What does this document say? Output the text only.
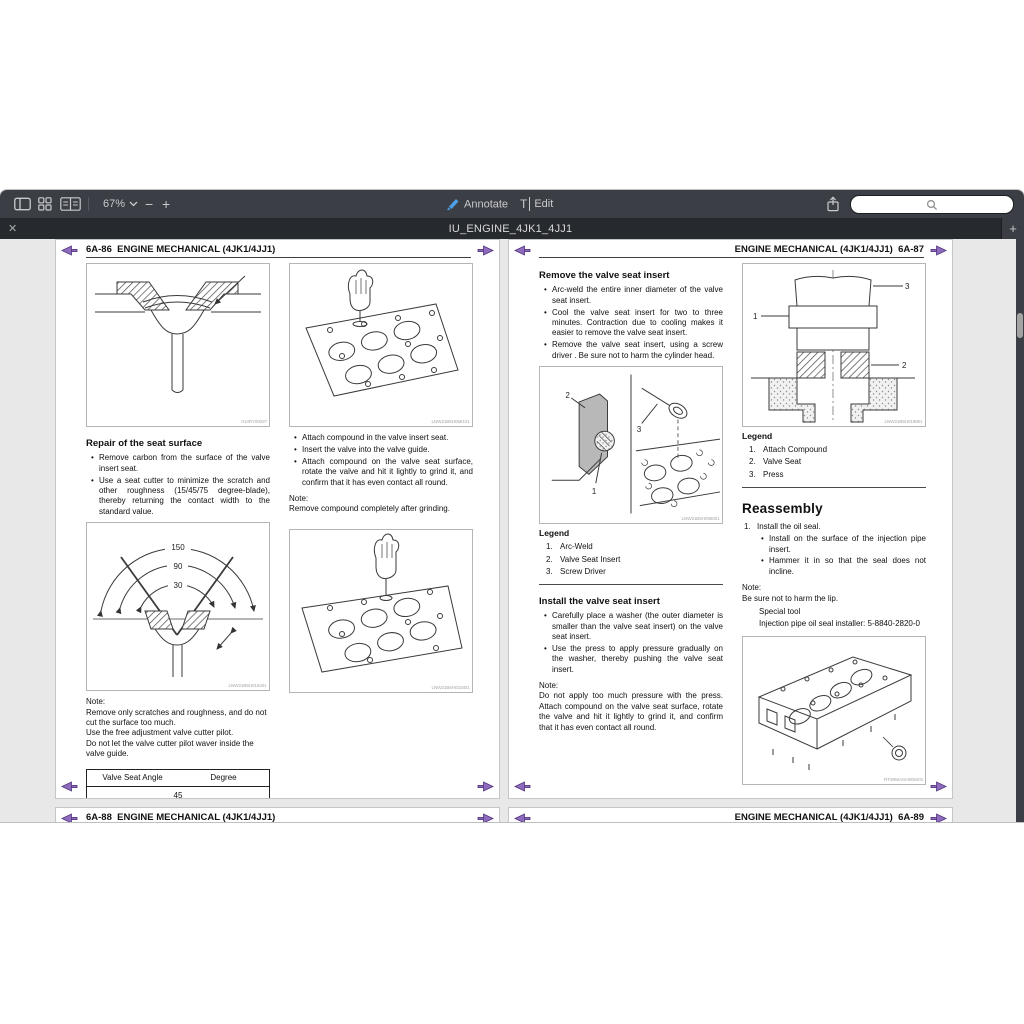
67% − +	Annotate T Edit
✕	IU_ENGINE_4JK1_4JJ1	+
6A-86  ENGINE MECHANICAL (4JK1/4JJ1)
014RY00027
Repair of the seat surface
• Remove carbon from the surface of the valve insert seat.
• Use a seat cutter to minimize the scratch and other roughness (15/45/75 degree-blade), thereby returning the contact width to the standard value.
150
90
30
LNW21B5H016201
Note:
Remove only scratches and roughness, and do not cut the surface too much.
Use the free adjustment valve cutter pilot.
Do not let the valve cutter pilot waver inside the valve guide.
Valve Seat Angle	Degree
45
LNW21B5H056101
• Attach compound in the valve insert seat.
• Insert the valve into the valve guide.
• Attach compound on the valve seat surface, rotate the valve and hit it lightly to grind it, and confirm that it has even contact all round.
Note:
Remove compound completely after grinding.
LNW21B5H031801
ENGINE MECHANICAL (4JK1/4JJ1)  6A-87
Remove the valve seat insert
• Arc-weld the entire inner diameter of the valve seat insert.
• Cool the valve seat insert for two to three minutes. Contraction due to cooling makes it easier to remove the valve seat insert.
• Remove the valve seat insert, using a screw driver . Be sure not to harm the cylinder head.
2
1
3
LNW21B5H058001
Legend
1. Arc-Weld
2. Valve Seat Insert
3. Screw Driver
Install the valve seat insert
• Carefully place a washer (the outer diameter is smaller than the valve seat insert) on the valve seat insert.
• Use the press to apply pressure gradually on the washer, thereby pushing the valve seat insert.
Note:
Do not apply too much pressure with the press. Attach compound on the valve seat surface, rotate the valve and hit it lightly to grind it, and confirm that it has even contact all round.
3
1
2
LNW21B5H019801
Legend
1. Attach Compound
2. Valve Seat
3. Press
Reassembly
1. Install the oil seal.
• Install on the surface of the injection pipe insert.
• Hammer it in so that the seal does not incline.
Note:
Be sure not to harm the lip.
Special tool
Injection pipe oil seal installer: 5-8840-2820-0
RTW56AGH008401
6A-88  ENGINE MECHANICAL (4JK1/4JJ1)	ENGINE MECHANICAL (4JK1/4JJ1)  6A-89
